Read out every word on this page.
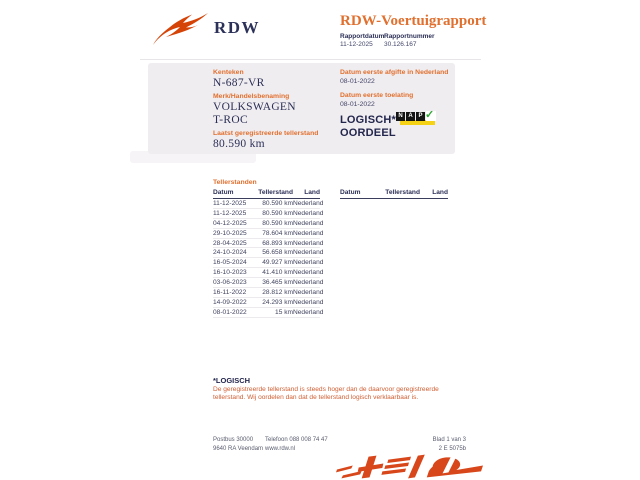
RDW	RDW-Voertuigrapport
Rapportdatum
11-12-2025
Rapportnummer
30.126.167
Kenteken
N-687-VR
Merk/Handelsbenaming
VOLKSWAGEN T-ROC
Laatst geregistreerde tellerstand
80.590 km
Datum eerste afgifte in Nederland
08-01-2022
Datum eerste toelating
08-01-2022
LOGISCH*
OORDEEL
N A P ✓
Tellerstanden
Datum	Tellerstand	Land
11-12-2025	80.590 km Nederland
11-12-2025	80.590 km Nederland
04-12-2025	80.590 km Nederland
29-10-2025	78.604 km Nederland
28-04-2025	68.893 km Nederland
24-10-2024	56.658 km Nederland
16-05-2024	49.927 km Nederland
16-10-2023	41.410 km Nederland
03-06-2023	36.465 km Nederland
16-11-2022	28.812 km Nederland
14-09-2022	24.293 km Nederland
08-01-2022	15 km Nederland
Datum	Tellerstand	Land
*LOGISCH
De geregistreerde tellerstand is steeds hoger dan de daarvoor geregistreerde tellerstand. Wij oordelen dan dat de tellerstand logisch verklaarbaar is.
Postbus 30000
9640 RA Veendam
Telefoon 088 008 74 47
www.rdw.nl
Blad 1 van 3
2 E 5075b
